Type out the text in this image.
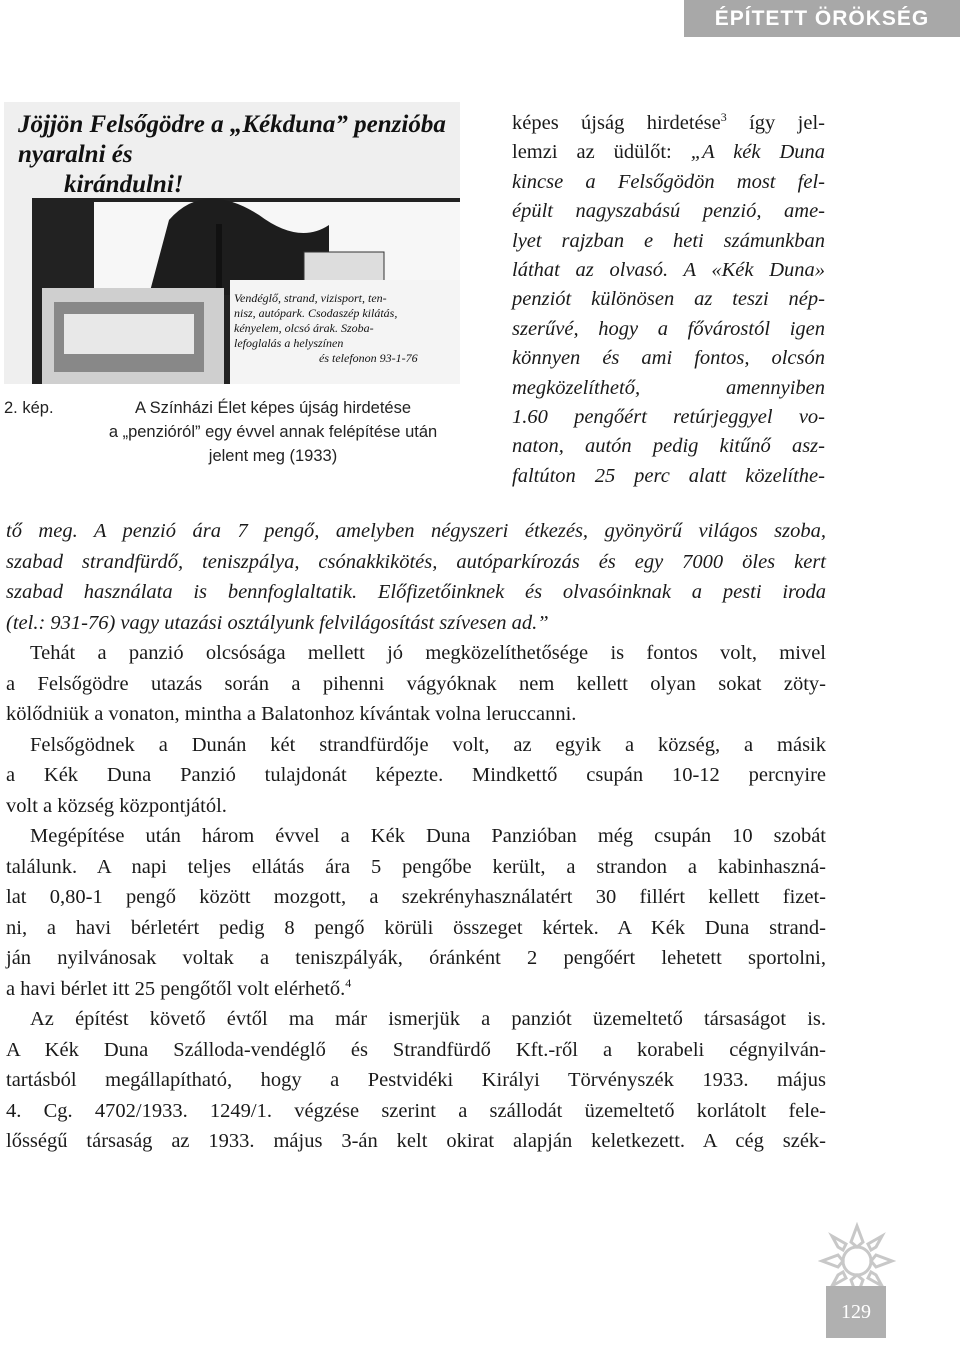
ÉPÍTETT ÖRÖKSÉG
Jöjjön Felsőgödre a „Kékduna” penzióba
nyaralni és
kirándulni!
Vendéglő, strand, vizisport, ten-
nisz, autópark. Csodaszép kilátás,
kényelem, olcsó árak. Szoba-
lefoglalás a helyszínen
és telefonon 93-1-76
2. kép.	A Színházi Élet képes újság hirdetése
a „penzióról” egy évvel annak felépítése után
jelent meg (1933)
képes újság hirdetése$^3$ így jel-
lemzi az üdülőt: „A kék Duna
kincse a Felsőgödön most fel-
épült nagyszabású penzió, ame-
lyet rajzban e heti számunkban
láthat az olvasó. A «Kék Duna»
penziót különösen az teszi nép-
szerűvé, hogy a fővárostól igen
könnyen és ami fontos, olcsón
megközelíthető, amennyiben
1.60 pengőért retúrjeggyel vo-
naton, autón pedig kitűnő asz-
faltúton 25 perc alatt közelíthe-
tő meg. A penzió ára 7 pengő, amelyben négyszeri étkezés, gyönyörű világos szoba,
szabad strandfürdő, teniszpálya, csónakkikötés, autóparkírozás és egy 7000 öles kert
szabad használata is bennfoglaltatik. Előfizetőinknek és olvasóinknak a pesti iroda
(tel.: 931-76) vagy utazási osztályunk felvilágosítást szívesen ad.”
Tehát a panzió olcsósága mellett jó megközelíthetősége is fontos volt, mivel
a Felsőgödre utazás során a pihenni vágyóknak nem kellett olyan sokat zöty-
kölődniük a vonaton, mintha a Balatonhoz kívántak volna leruccanni.
Felsőgödnek a Dunán két strandfürdője volt, az egyik a község, a másik
a Kék Duna Panzió tulajdonát képezte. Mindkettő csupán 10-12 percnyire
volt a község központjától.
Megépítése után három évvel a Kék Duna Panzióban még csupán 10 szobát
találunk. A napi teljes ellátás ára 5 pengőbe került, a strandon a kabinhaszná-
lat 0,80-1 pengő között mozgott, a szekrényhasználatért 30 fillért kellett fizet-
ni, a havi bérletért pedig 8 pengő körüli összeget kértek. A Kék Duna strand-
ján nyilvánosak voltak a teniszpályák, óránként 2 pengőért lehetett sportolni,
a havi bérlet itt 25 pengőtől volt elérhető.$^4$
Az építést követő évtől ma már ismerjük a panziót üzemeltető társaságot is.
A Kék Duna Szálloda-vendéglő és Strandfürdő Kft.-ről a korabeli cégnyilván-
tartásból megállapítható, hogy a Pestvidéki Királyi Törvényszék 1933. május
4. Cg. 4702/1933. 1249/1. végzése szerint a szállodát üzemeltető korlátolt fele-
lősségű társaság az 1933. május 3-án kelt okirat alapján keletkezett. A cég szék-
129
